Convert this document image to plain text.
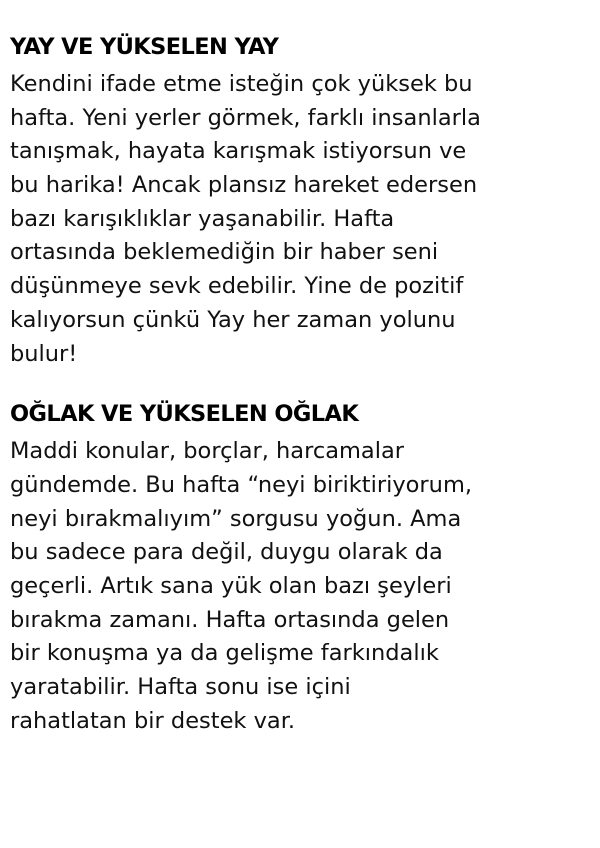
YAY VE YÜKSELEN YAY

Kendini ifade etme isteğin çok yüksek bu
hafta. Yeni yerler görmek, farklı insanlarla
tanışmak, hayata karışmak istiyorsun ve
bu harika! Ancak plansız hareket edersen
bazı karışıklıklar yaşanabilir. Hafta
ortasında beklemediğin bir haber seni
düşünmeye sevk edebilir. Yine de pozitif
kalıyorsun çünkü Yay her zaman yolunu
bulur!

OĞLAK VE YÜKSELEN OĞLAK

Maddi konular, borçlar, harcamalar
gündemde. Bu hafta “neyi biriktiriyorum,
neyi bırakmalıyım” sorgusu yoğun. Ama
bu sadece para değil, duygu olarak da
geçerli. Artık sana yük olan bazı şeyleri
bırakma zamanı. Hafta ortasında gelen
bir konuşma ya da gelişme farkındalık
yaratabilir. Hafta sonu ise içini
rahatlatan bir destek var.
